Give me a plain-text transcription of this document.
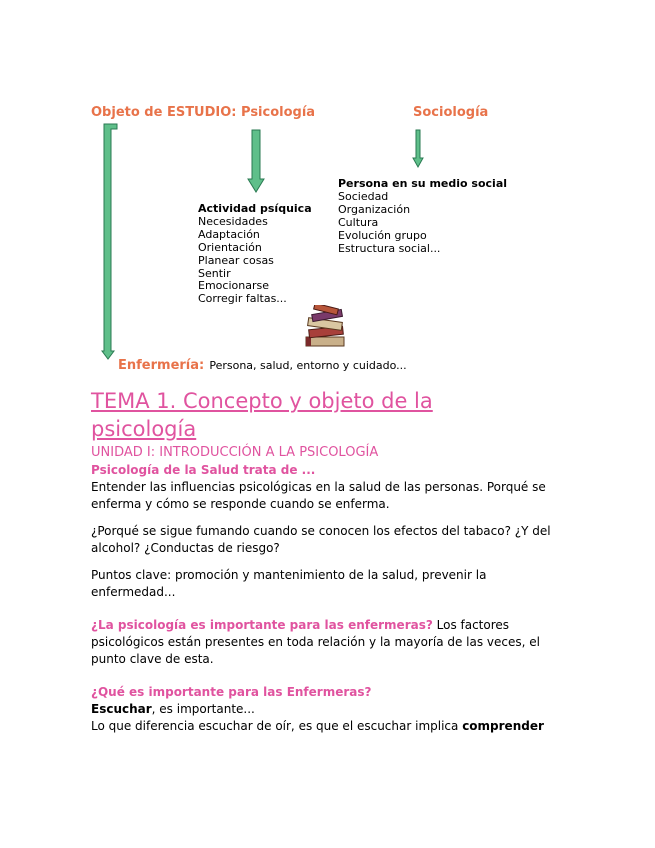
Objeto de ESTUDIO: Psicología	Sociología
Actividad psíquica
Necesidades
Adaptación
Orientación
Planear cosas
Sentir
Emocionarse
Corregir faltas...
Persona en su medio social
Sociedad
Organización
Cultura
Evolución grupo
Estructura social...
Enfermería: Persona, salud, entorno y cuidado...
TEMA 1. Concepto y objeto de la
psicología
UNIDAD I: INTRODUCCIÓN A LA PSICOLOGÍA

Psicología de la Salud trata de ...

Entender las influencias psicológicas en la salud de las personas. Porqué se enferma y cómo se responde cuando se enferma.

¿Porqué se sigue fumando cuando se conocen los efectos del tabaco? ¿Y del alcohol? ¿Conductas de riesgo?

Puntos clave: promoción y mantenimiento de la salud, prevenir la enfermedad...

¿La psicología es importante para las enfermeras? Los factores psicológicos están presentes en toda relación y la mayoría de las veces, el punto clave de esta.

¿Qué es importante para las Enfermeras?

Escuchar, es importante...

Lo que diferencia escuchar de oír, es que el escuchar implica comprender
